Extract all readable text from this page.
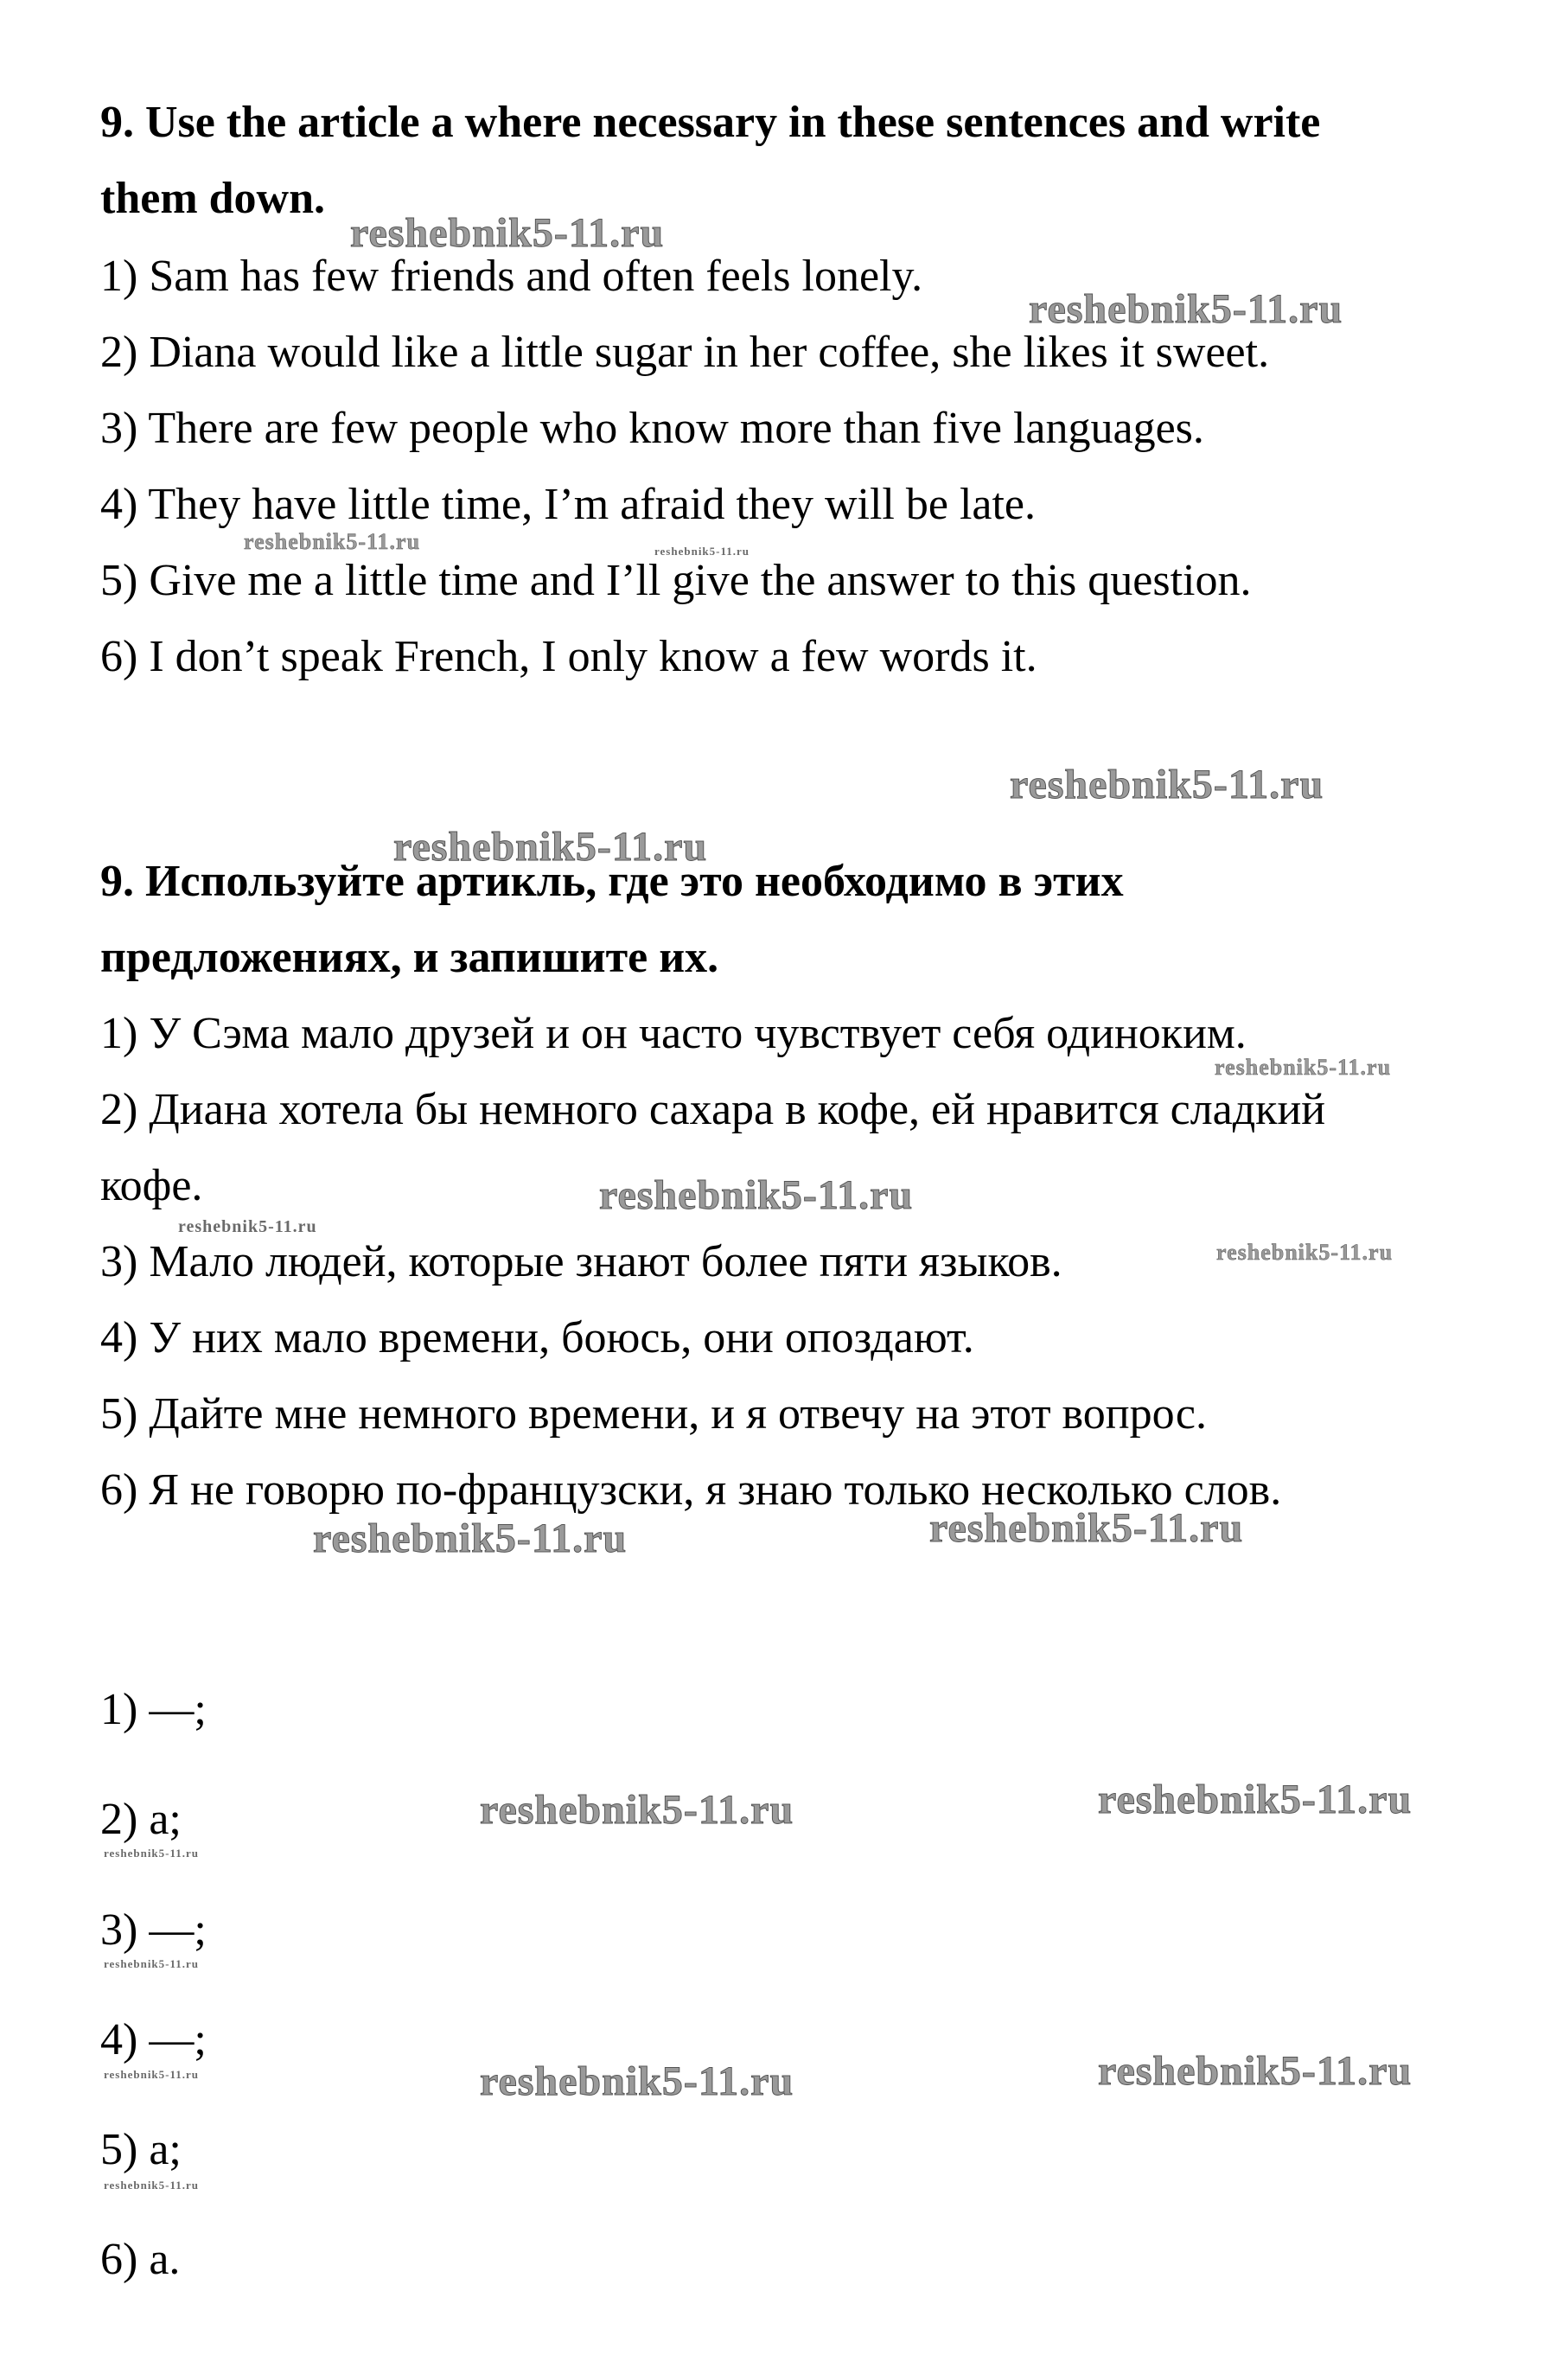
9. Use the article a where necessary in these sentences and write
them down.
1) Sam has few friends and often feels lonely.
2) Diana would like a little sugar in her coffee, she likes it sweet.
3) There are few people who know more than five languages.
4) They have little time, I’m afraid they will be late.
5) Give me a little time and I’ll give the answer to this question.
6) I don’t speak French, I only know a few words it.
9. Используйте артикль, где это необходимо в этих
предложениях, и запишите их.
1) У Сэма мало друзей и он часто чувствует себя одиноким.
2) Диана хотела бы немного сахара в кофе, ей нравится сладкий
кофе.
3) Мало людей, которые знают более пяти языков.
4) У них мало времени, боюсь, они опоздают.
5) Дайте мне немного времени, и я отвечу на этот вопрос.
6) Я не говорю по-французски, я знаю только несколько слов.
1) —;
2) a;
3) —;
4) —;
5) a;
6) a.
reshebnik5-11.ru
reshebnik5-11.ru
reshebnik5-11.ru	reshebnik5-11.ru
reshebnik5-11.ru
reshebnik5-11.ru
reshebnik5-11.ru
reshebnik5-11.ru
reshebnik5-11.ru
reshebnik5-11.ru
reshebnik5-11.ru	reshebnik5-11.ru
reshebnik5-11.ru	reshebnik5-11.ru
reshebnik5-11.ru
reshebnik5-11.ru
reshebnik5-11.ru	reshebnik5-11.ru
reshebnik5-11.ru
reshebnik5-11.ru
